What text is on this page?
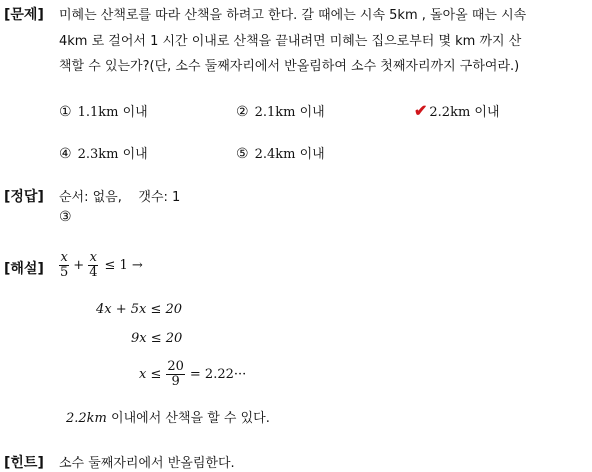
[문제] 미혜는 산책로를 따라 산책을 하려고 한다. 갈 때에는 시속 5km , 돌아올 때는 시속
4km 로 걸어서 1 시간 이내로 산책을 끝내려면 미혜는 집으로부터 몇 km 까지 산
책할 수 있는가?(단, 소수 둘째자리에서 반올림하여 소수 첫째자리까지 구하여라.)
① 1.1km 이내	② 2.1km 이내	✔ 2.2km 이내
④ 2.3km 이내	⑤ 2.4km 이내
[정답] 순서: 없음,    갯수: 1
③
[해설] $\frac{x}{5} + \frac{x}{4} \le 1$ →
4x + 5x ≤ 20
9x ≤ 20
$x \le \frac{20}{9} = 2.22\cdot\cdot\cdot$
2.2km 이내에서 산책을 할 수 있다.
[힌트] 소수 둘째자리에서 반올림한다.
